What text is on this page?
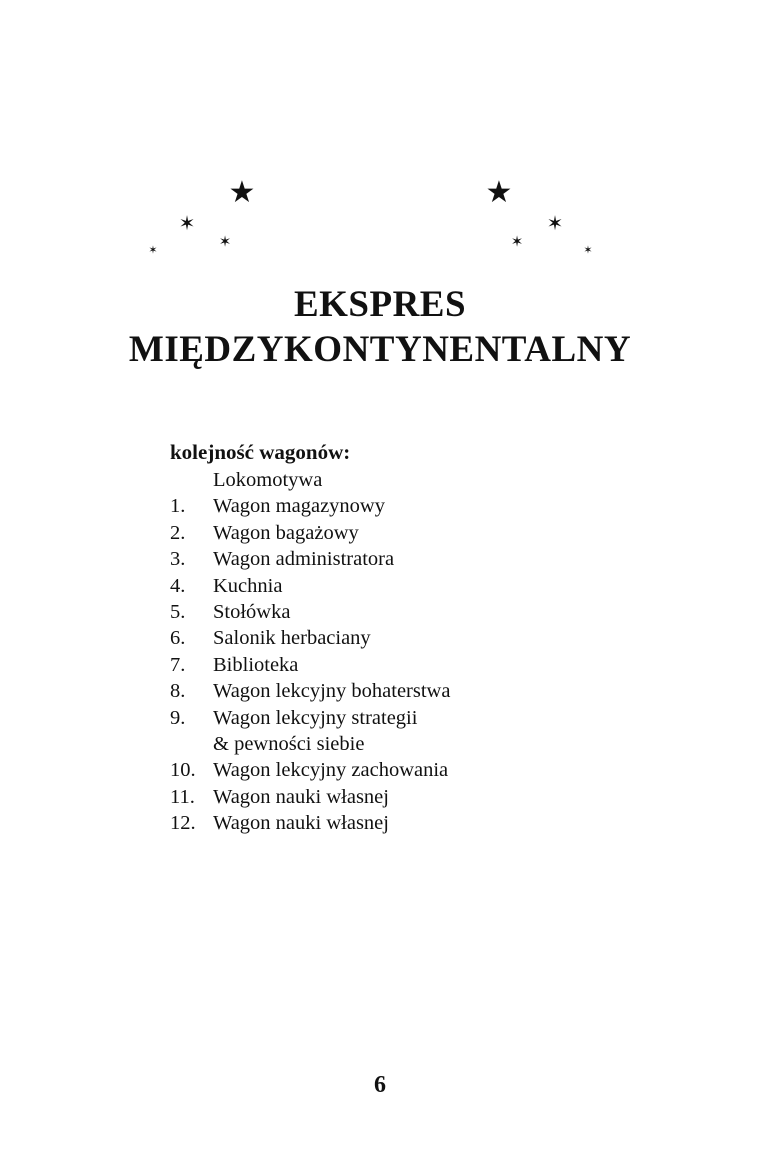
★
✶
✶
✶
★
✶
✶	✶
EKSPRES
MIĘDZYKONTYNENTALNY
kolejność wagonów:
Lokomotywa
1.	Wagon magazynowy
2.	Wagon bagażowy
3.	Wagon administratora
4.	Kuchnia
5.	Stołówka
6.	Salonik herbaciany
7.	Biblioteka
8.	Wagon lekcyjny bohaterstwa
9.	Wagon lekcyjny strategii
& pewności siebie
10. Wagon lekcyjny zachowania
11. Wagon nauki własnej
12. Wagon nauki własnej
6
